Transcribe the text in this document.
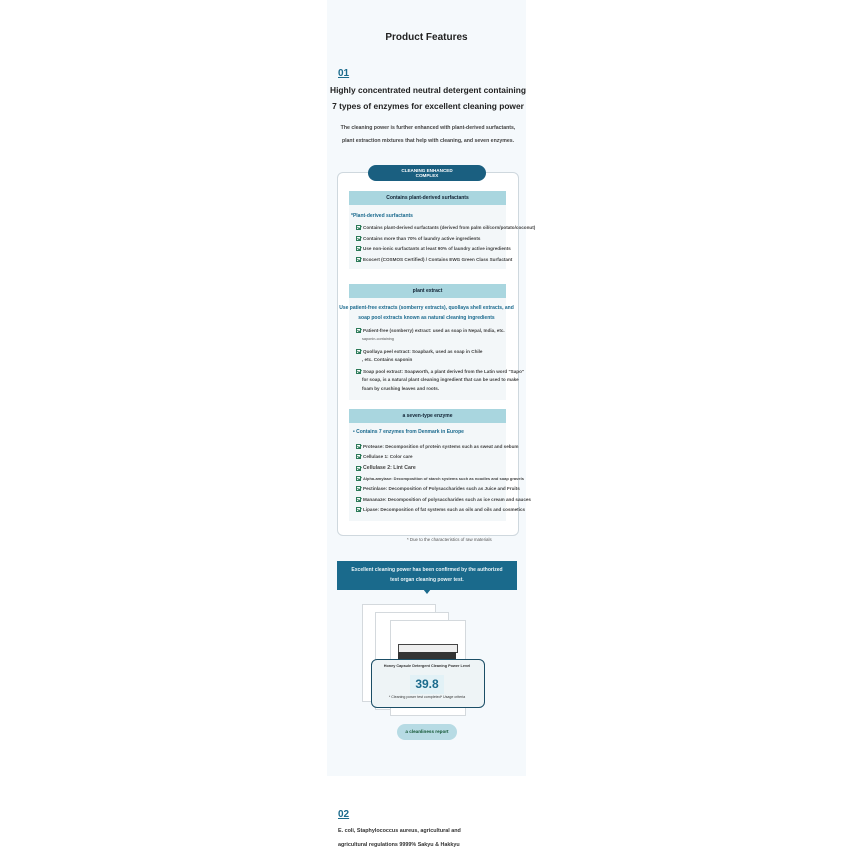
Product Features
01
Highly concentrated neutral detergent containing
7 types of enzymes for excellent cleaning power
The cleaning power is further enhanced with plant-derived surfactants,
plant extraction mixtures that help with cleaning, and seven enzymes.
CLEANING ENHANCED
COMPLEX
Contains plant-derived surfactants
*Plant-derived surfactants
Contains plant-derived surfactants (derived from palm oil/corn/potato/coconut)
Contains more than 70% of laundry active ingredients
Use non-ionic surfactants at least 90% of laundry active ingredients
Ecocert (COSMOS Certified) / Contains EWG Green Class Surfactant
plant extract
Use patient-free extracts (somberry extracts), quollaya shell extracts, and
soap pool extracts known as natural cleaning ingredients
Patient-free (somberry) extract: used as soap in Nepal, India, etc.
saponin-containing
Quollaya peel extract: Soapbark, used as soap in Chile
, etc. Contains saponin
Soap pool extract: Soapworth, a plant derived from the Latin word "Sapo"
for soap, is a natural plant cleaning ingredient that can be used to make
foam by crushing leaves and roots.
a seven-type enzyme
• Contains 7 enzymes from Denmark in Europe
Protease: Decomposition of protein systems such as sweat and sebum
Cellulase 1: Color care
Cellulase 2: Lint Care
Alpha-amylase: Decomposition of starch systems such as noodles and soap gravels
Pectinlase: Decomposition of Polysaccharides such as Juice and Fruits
Mananaze: Decomposition of polysaccharides such as ice cream and sauces
Lipase: Decomposition of fat systems such as oils and oils and cosmetics
* Due to the characteristics of raw materials
Excellent cleaning power has been confirmed by the authorized
test organ cleaning power test.
Honey Capsule Detergent Cleaning Power Level
39.8
* Cleaning power test completed* Usage criteria
a cleanliness report
02
E. coli, Staphylococcus aureus, agricultural and
agricultural regulations 9999% Sakyu & Hakkyu
